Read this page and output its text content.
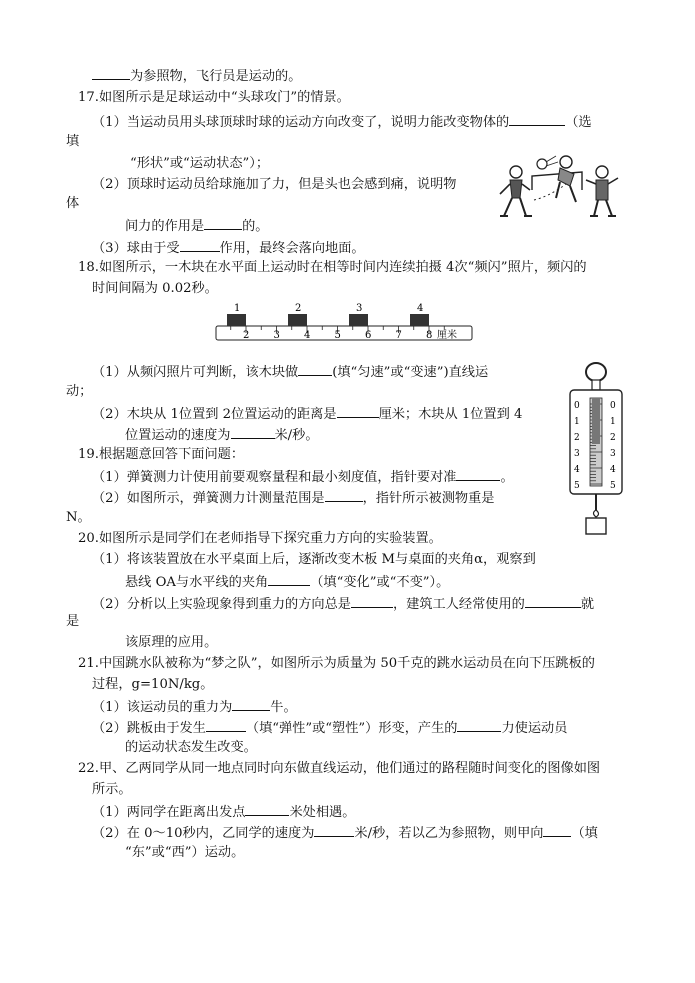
为参照物，飞行员是运动的。
17.如图所示是足球运动中“头球攻门”的情景。
（1）当运动员用头球顶球时球的运动方向改变了，说明力能改变物体的	（选
填
“形状”或“运动状态”）；
（2）顶球时运动员给球施加了力，但是头也会感到痛，说明物
体
间力的作用是	的。
（3）球由于受	作用，最终会落向地面。
18.如图所示，一木块在水平面上运动时在相等时间内连续拍摄 4次“频闪”照片，频闪的
时间间隔为 0.02秒。
2 3 4 5 6 7 8
1	2	3	4
厘米
（1）从频闪照片可判断，该木块做	(填“匀速”或“变速”)直线运
动；
（2）木块从 1位置到 2位置运动的距离是	厘米；木块从 1位置到 4
位置运动的速度为	米/秒。
0	0
1	1
2	2
3	3
4	4
5	5
19.根据题意回答下面问题：
（1）弹簧测力计使用前要观察量程和最小刻度值，指针要对准	。
（2）如图所示，弹簧测力计测量范围是	，指针所示被测物重是
N。
20.如图所示是同学们在老师指导下探究重力方向的实验装置。
（1）将该装置放在水平桌面上后，逐渐改变木板 M与桌面的夹角α，观察到
悬线 OA与水平线的夹角	（填“变化”或“不变”）。
（2）分析以上实验现象得到重力的方向总是	，建筑工人经常使用的	就
是
该原理的应用。
21.中国跳水队被称为“梦之队”，如图所示为质量为 50千克的跳水运动员在向下压跳板的
过程，g=10N/kg。
（1）该运动员的重力为	牛。
（2）跳板由于发生	（填“弹性”或“塑性”）形变，产生的	力使运动员
的运动状态发生改变。
22.甲、乙两同学从同一地点同时向东做直线运动，他们通过的路程随时间变化的图像如图
所示。
（1）两同学在距离出发点	米处相遇。
（2）在 0～10秒内，乙同学的速度为	米/秒，若以乙为参照物，则甲向 （填
“东”或“西”）运动。
